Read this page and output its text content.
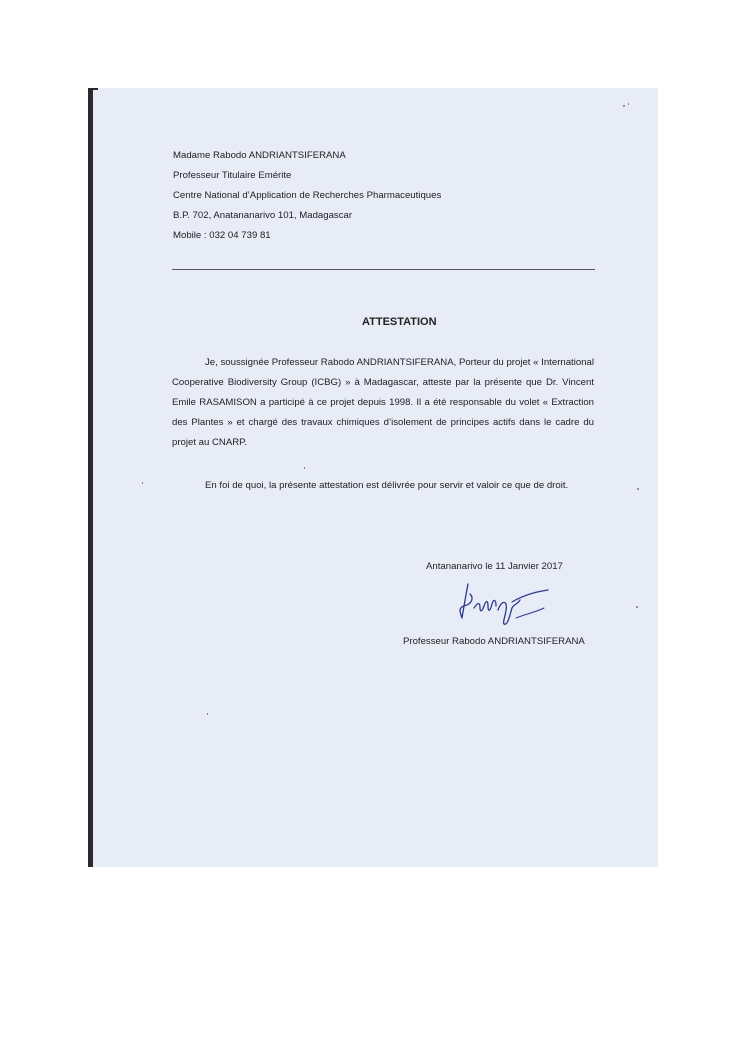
Madame Rabodo ANDRIANTSIFERANA
Professeur Titulaire Emérite
Centre National d’Application de Recherches Pharmaceutiques
B.P. 702, Anatananarivo 101, Madagascar
Mobile : 032 04 739 81
ATTESTATION
Je, soussignée Professeur Rabodo ANDRIANTSIFERANA, Porteur du projet « International Cooperative Biodiversity Group (ICBG) » à Madagascar, atteste par la présente que Dr. Vincent Emile RASAMISON a participé à ce projet depuis 1998. Il a été responsable du volet « Extraction des Plantes » et chargé des travaux chimiques d’isolement de principes actifs dans le cadre du projet au CNARP.
En foi de quoi, la présente attestation est délivrée pour servir et valoir ce que de droit.
Antananarivo le 11 Janvier 2017
Professeur Rabodo ANDRIANTSIFERANA
